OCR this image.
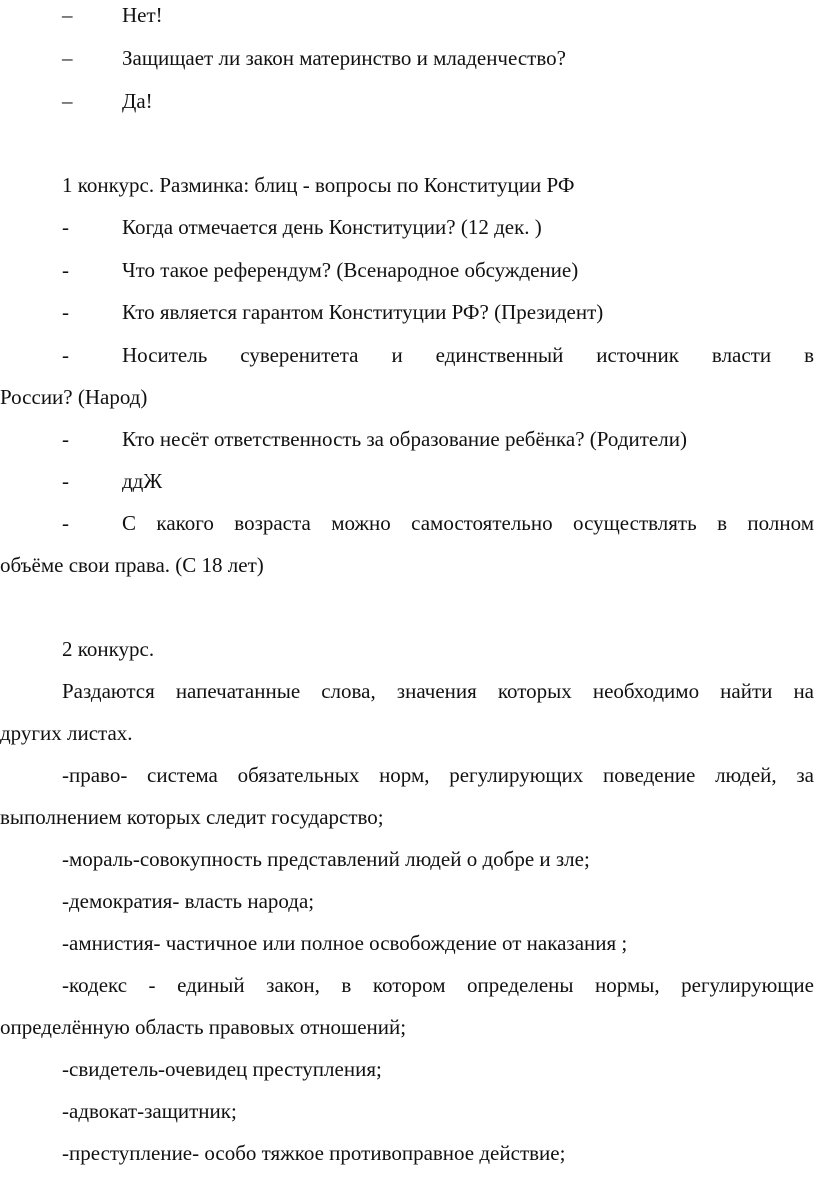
– Нет!
– Защищает ли закон материнство и младенчество?
– Да!
1 конкурс. Разминка: блиц - вопросы по Конституции РФ
-	Когда отмечается день Конституции? (12 дек. )
-	Что такое референдум? (Всенародное обсуждение)
-	Кто является гарантом Конституции РФ? (Президент)
-	Носитель суверенитета и единственный источник власти в
России? (Народ)
-	Кто несёт ответственность за образование ребёнка? (Родители)
-	ддЖ
-	С какого возраста можно самостоятельно осуществлять в полном
объёме свои права. (С 18 лет)
2 конкурс.
Раздаются напечатанные слова, значения которых необходимо найти на
других листах.
-право- система обязательных норм, регулирующих поведение людей, за
выполнением которых следит государство;
-мораль-совокупность представлений людей о добре и зле;
-демократия- власть народа;
-амнистия- частичное или полное освобождение от наказания ;
-кодекс - единый закон, в котором определены нормы, регулирующие
определённую область правовых отношений;
-свидетель-очевидец преступления;
-адвокат-защитник;
-преступление- особо тяжкое противоправное действие;
